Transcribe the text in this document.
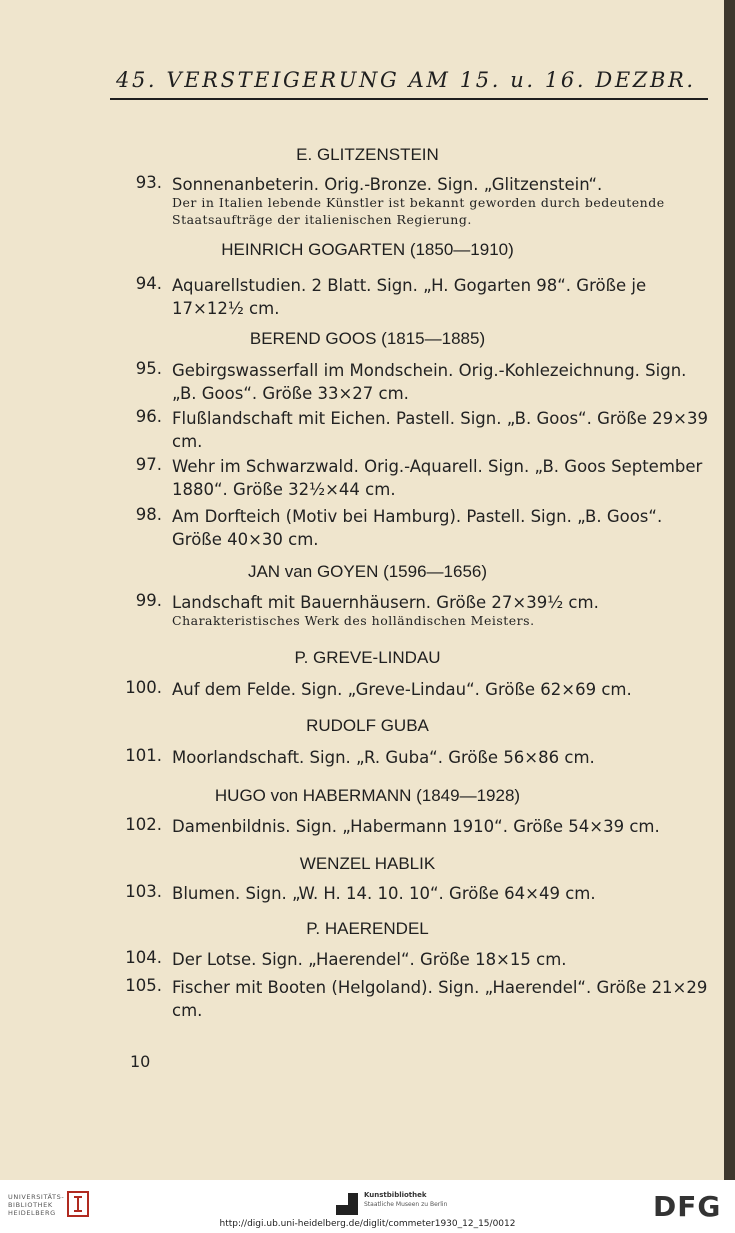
45. VERSTEIGERUNG AM 15. u. 16. DEZBR.
E. GLITZENSTEIN
93. Sonnenanbeterin. Orig.-Bronze. Sign. „Glitzenstein“.
Der in Italien lebende Künstler ist bekannt geworden durch bedeutende Staatsaufträge der italienischen Regierung.
HEINRICH GOGARTEN (1850—1910)
94. Aquarellstudien. 2 Blatt. Sign. „H. Gogarten 98“. Größe je 17×12½ cm.
BEREND GOOS (1815—1885)
95. Gebirgswasserfall im Mondschein. Orig.-Kohlezeichnung. Sign. „B. Goos“. Größe 33×27 cm.
96. Flußlandschaft mit Eichen. Pastell. Sign. „B. Goos“. Größe 29×39 cm.
97. Wehr im Schwarzwald. Orig.-Aquarell. Sign. „B. Goos September 1880“. Größe 32½×44 cm.
98. Am Dorfteich (Motiv bei Hamburg). Pastell. Sign. „B. Goos“. Größe 40×30 cm.
JAN van GOYEN (1596—1656)
99. Landschaft mit Bauernhäusern. Größe 27×39½ cm.
Charakteristisches Werk des holländischen Meisters.
P. GREVE-LINDAU
100. Auf dem Felde. Sign. „Greve-Lindau“. Größe 62×69 cm.
RUDOLF GUBA
101. Moorlandschaft. Sign. „R. Guba“. Größe 56×86 cm.
HUGO von HABERMANN (1849—1928)
102. Damenbildnis. Sign. „Habermann 1910“. Größe 54×39 cm.
WENZEL HABLIK
103. Blumen. Sign. „W. H. 14. 10. 10“. Größe 64×49 cm.
P. HAERENDEL
104. Der Lotse. Sign. „Haerendel“. Größe 18×15 cm.
105. Fischer mit Booten (Helgoland). Sign. „Haerendel“. Größe 21×29 cm.
10
UNIVERSITÄTS-
BIBLIOTHEK
HEIDELBERG
Kunstbibliothek
Staatliche Museen zu Berlin	DFG
http://digi.ub.uni-heidelberg.de/diglit/commeter1930_12_15/0012
